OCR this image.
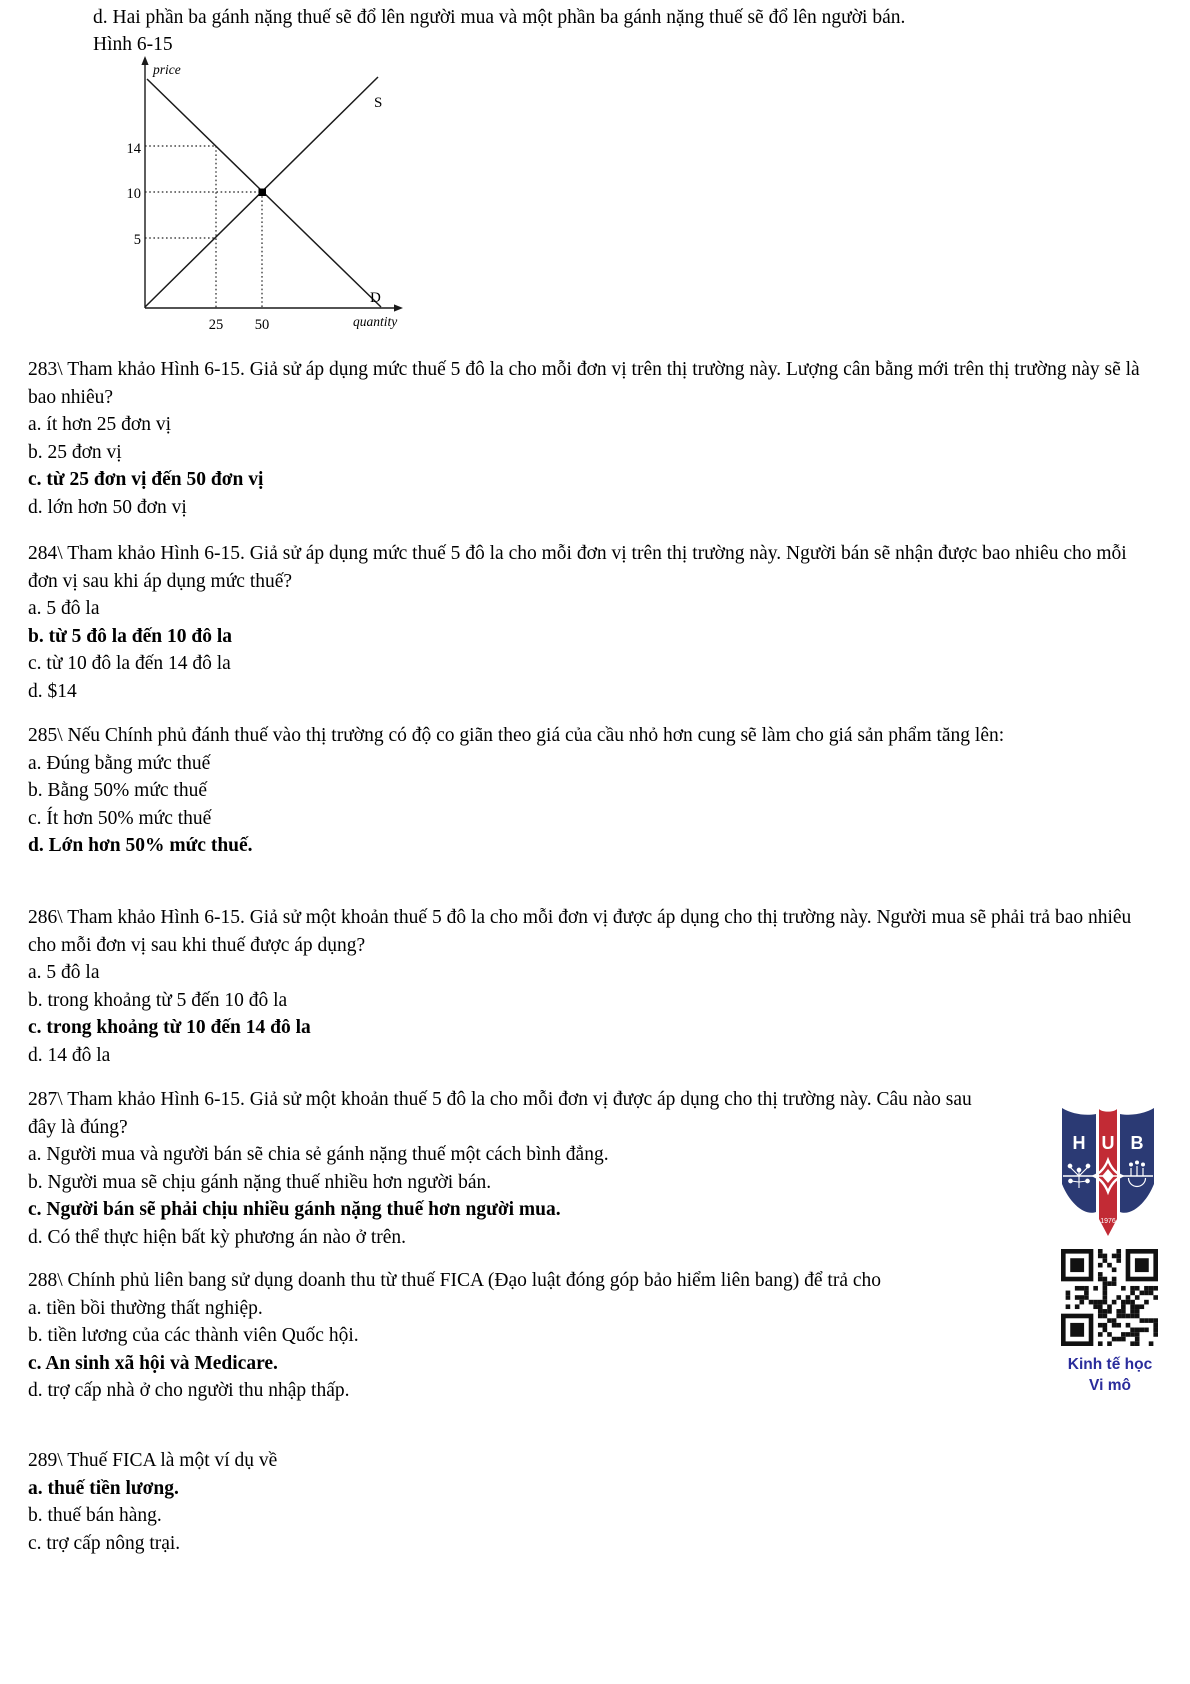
d. Hai phần ba gánh nặng thuế sẽ đổ lên người mua và một phần ba gánh nặng thuế sẽ đổ lên người bán.
Hình 6-15
price
quantity
S
D
14
10
5
25 50
283\ Tham khảo Hình 6-15. Giả sử áp dụng mức thuế 5 đô la cho mỗi đơn vị trên thị trường này. Lượng cân bằng mới trên thị trường này sẽ là bao nhiêu?
a. ít hơn 25 đơn vị
b. 25 đơn vị
c. từ 25 đơn vị đến 50 đơn vị
d. lớn hơn 50 đơn vị
284\ Tham khảo Hình 6-15. Giả sử áp dụng mức thuế 5 đô la cho mỗi đơn vị trên thị trường này. Người bán sẽ nhận được bao nhiêu cho mỗi đơn vị sau khi áp dụng mức thuế?
a. 5 đô la
b. từ 5 đô la đến 10 đô la
c. từ 10 đô la đến 14 đô la
d. $14
285\ Nếu Chính phủ đánh thuế vào thị trường có độ co giãn theo giá của cầu nhỏ hơn cung sẽ làm cho giá sản phẩm tăng lên:
a. Đúng bằng mức thuế
b. Bằng 50% mức thuế
c. Ít hơn 50% mức thuế
d. Lớn hơn 50% mức thuế.
286\ Tham khảo Hình 6-15. Giả sử một khoản thuế 5 đô la cho mỗi đơn vị được áp dụng cho thị trường này. Người mua sẽ phải trả bao nhiêu cho mỗi đơn vị sau khi thuế được áp dụng?
a. 5 đô la
b. trong khoảng từ 5 đến 10 đô la
c. trong khoảng từ 10 đến 14 đô la
d. 14 đô la
287\ Tham khảo Hình 6-15. Giả sử một khoản thuế 5 đô la cho mỗi đơn vị được áp dụng cho thị trường này. Câu nào sau đây là đúng?
a. Người mua và người bán sẽ chia sẻ gánh nặng thuế một cách bình đẳng.
b. Người mua sẽ chịu gánh nặng thuế nhiều hơn người bán.
c. Người bán sẽ phải chịu nhiều gánh nặng thuế hơn người mua.
d. Có thể thực hiện bất kỳ phương án nào ở trên.
288\ Chính phủ liên bang sử dụng doanh thu từ thuế FICA (Đạo luật đóng góp bảo hiểm liên bang) để trả cho
a. tiền bồi thường thất nghiệp.
b. tiền lương của các thành viên Quốc hội.
c. An sinh xã hội và Medicare.
d. trợ cấp nhà ở cho người thu nhập thấp.
289\ Thuế FICA là một ví dụ về
a. thuế tiền lương.
b. thuế bán hàng.
c. trợ cấp nông trại.
H U B
1976
Kinh tế học
Vi mô
